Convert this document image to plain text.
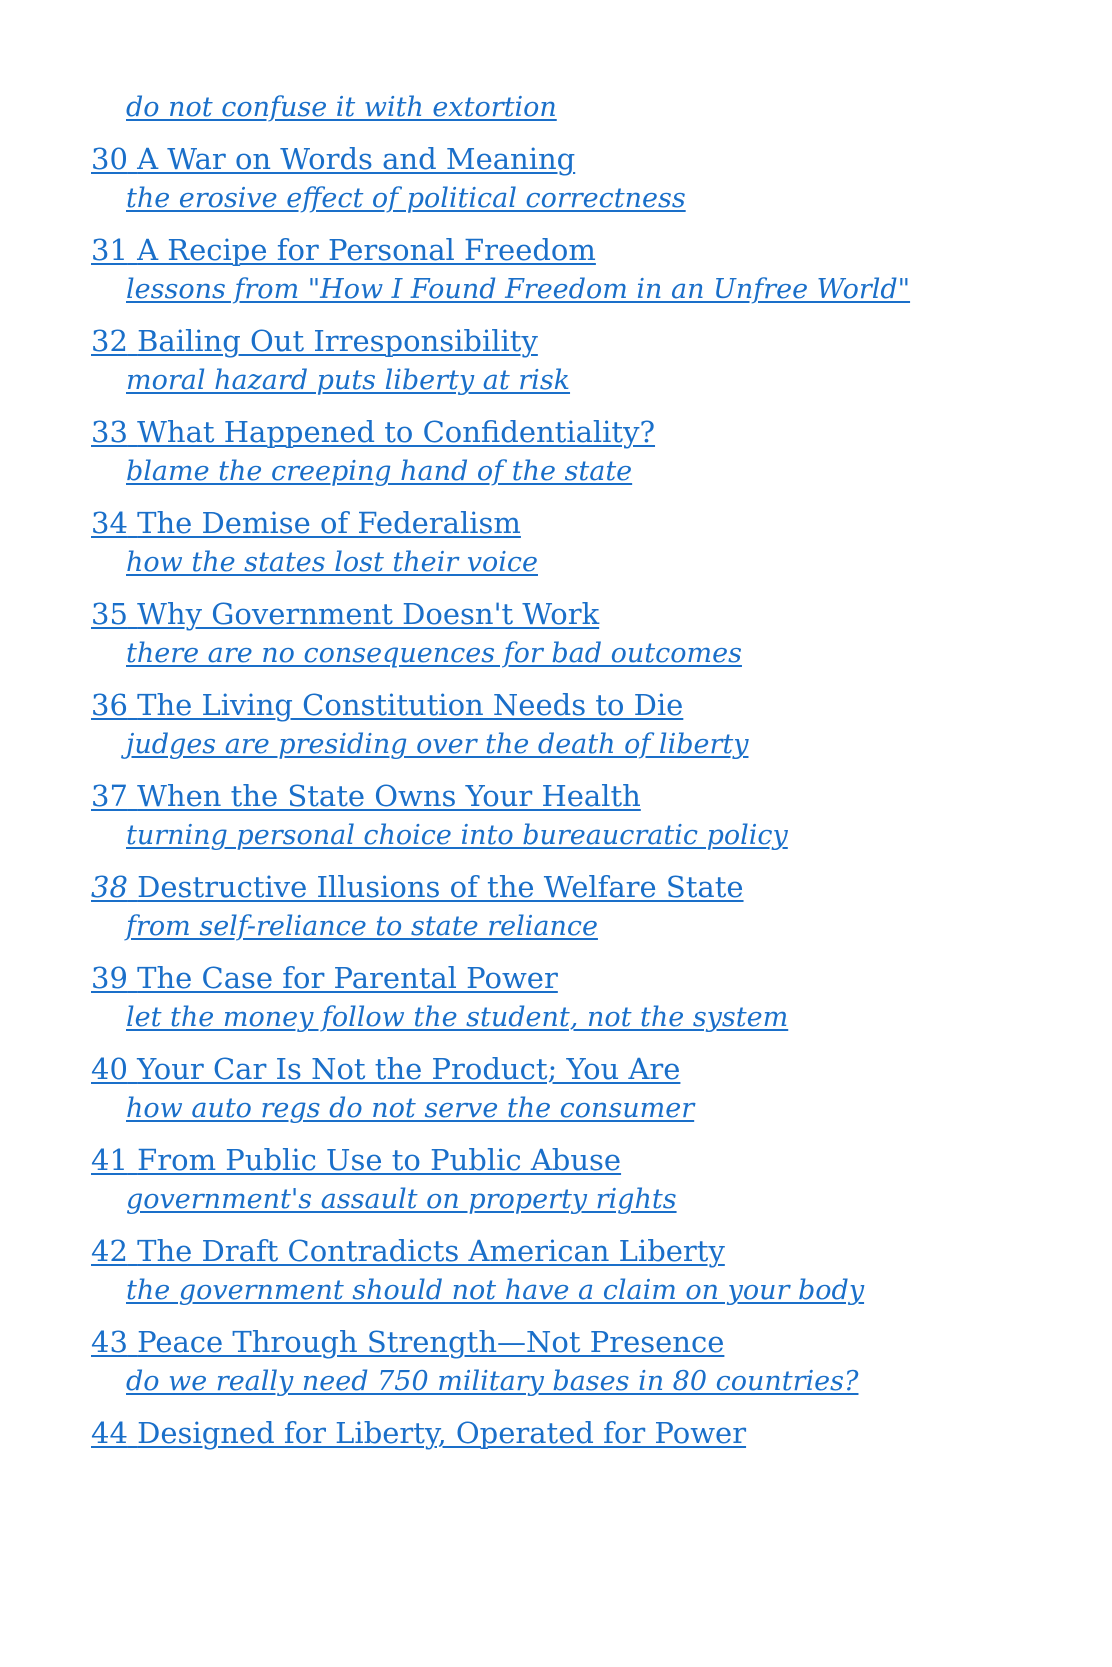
do not confuse it with extortion
30 A War on Words and Meaning
the erosive effect of political correctness
31 A Recipe for Personal Freedom
lessons from "How I Found Freedom in an Unfree World"
32 Bailing Out Irresponsibility
moral hazard puts liberty at risk
33 What Happened to Confidentiality?
blame the creeping hand of the state
34 The Demise of Federalism
how the states lost their voice
35 Why Government Doesn't Work
there are no consequences for bad outcomes
36 The Living Constitution Needs to Die
judges are presiding over the death of liberty
37 When the State Owns Your Health
turning personal choice into bureaucratic policy
38 Destructive Illusions of the Welfare State
from self-reliance to state reliance
39 The Case for Parental Power
let the money follow the student, not the system
40 Your Car Is Not the Product; You Are
how auto regs do not serve the consumer
41 From Public Use to Public Abuse
government's assault on property rights
42 The Draft Contradicts American Liberty
the government should not have a claim on your body
43 Peace Through Strength—Not Presence
do we really need 750 military bases in 80 countries?
44 Designed for Liberty, Operated for Power
